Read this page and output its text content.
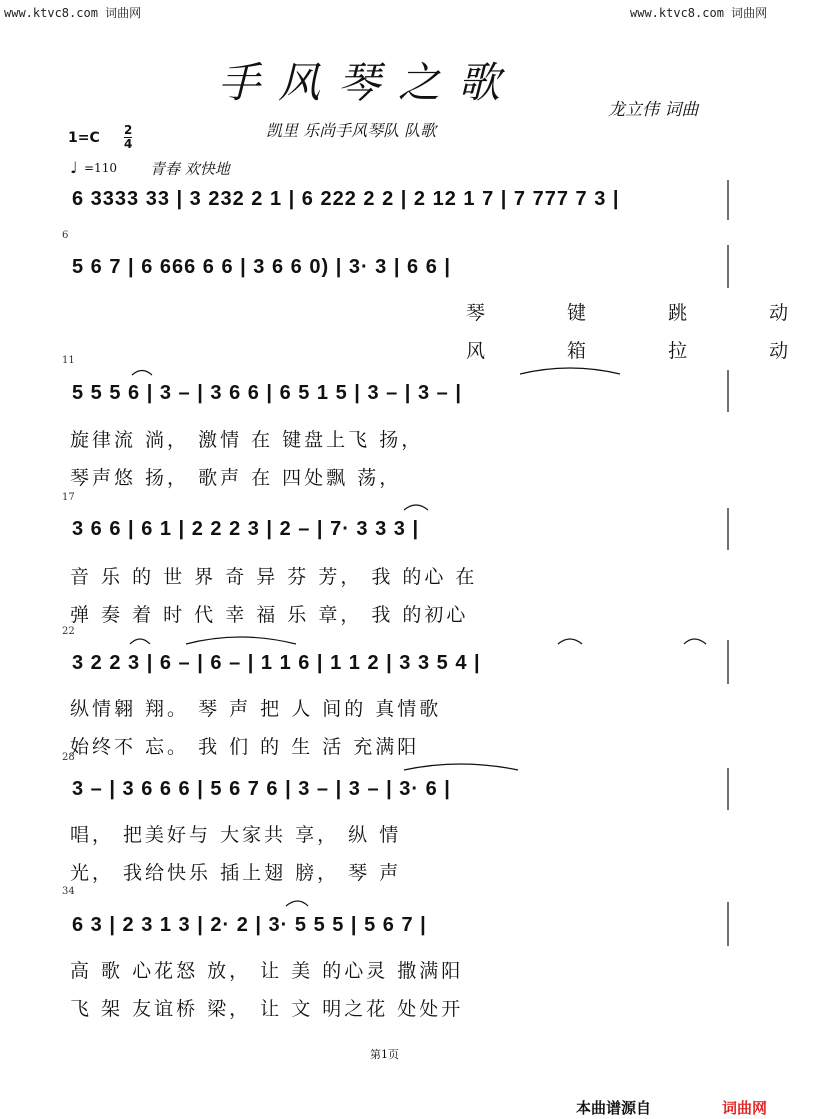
www.ktvc8.com 词曲网	www.ktvc8.com 词曲网
手风琴之歌
龙立伟 词曲
凯里 乐尚手风琴队 队歌
1=C 2
4
♩ =110 青春 欢快地
6 3333 33 | 3 232 2 1 | 6 222 2 2 | 2 12 1 7 | 7 777 7 3 |
6
5 6 7 | 6 666 6 6 | 3 6 6 0) | 3· 3 | 6 6 |
琴 键 跳 动
风 箱 拉 动
11
5 5 5 6 | 3 – | 3 6 6 | 6 5 1 5 | 3 – | 3 – |
旋律流 淌， 激情 在 键盘上飞 扬，
琴声悠 扬， 歌声 在 四处飘 荡，
17
3 6 6 | 6 1 | 2 2 2 3 | 2 – | 7· 3 3 3 |
音 乐 的 世 界 奇 异 芬 芳， 我 的心 在
弹 奏 着 时 代 幸 福 乐 章， 我 的初心
22
3 2 2 3 | 6 – | 6 – | 1 1 6 | 1 1 2 | 3 3 5 4 |
纵情翱 翔。 琴 声 把 人 间的 真情歌
始终不 忘。 我 们 的 生 活 充满阳
28
3 – | 3 6 6 6 | 5 6 7 6 | 3 – | 3 – | 3· 6 |
唱， 把美好与 大家共 享， 纵 情
光， 我给快乐 插上翅 膀， 琴 声
34
6 3 | 2 3 1 3 | 2· 2 | 3· 5 5 5 | 5 6 7 |
高 歌 心花怒 放， 让 美 的心灵 撒满阳
飞 架 友谊桥 梁， 让 文 明之花 处处开
第1页
本曲谱源自	词曲网
